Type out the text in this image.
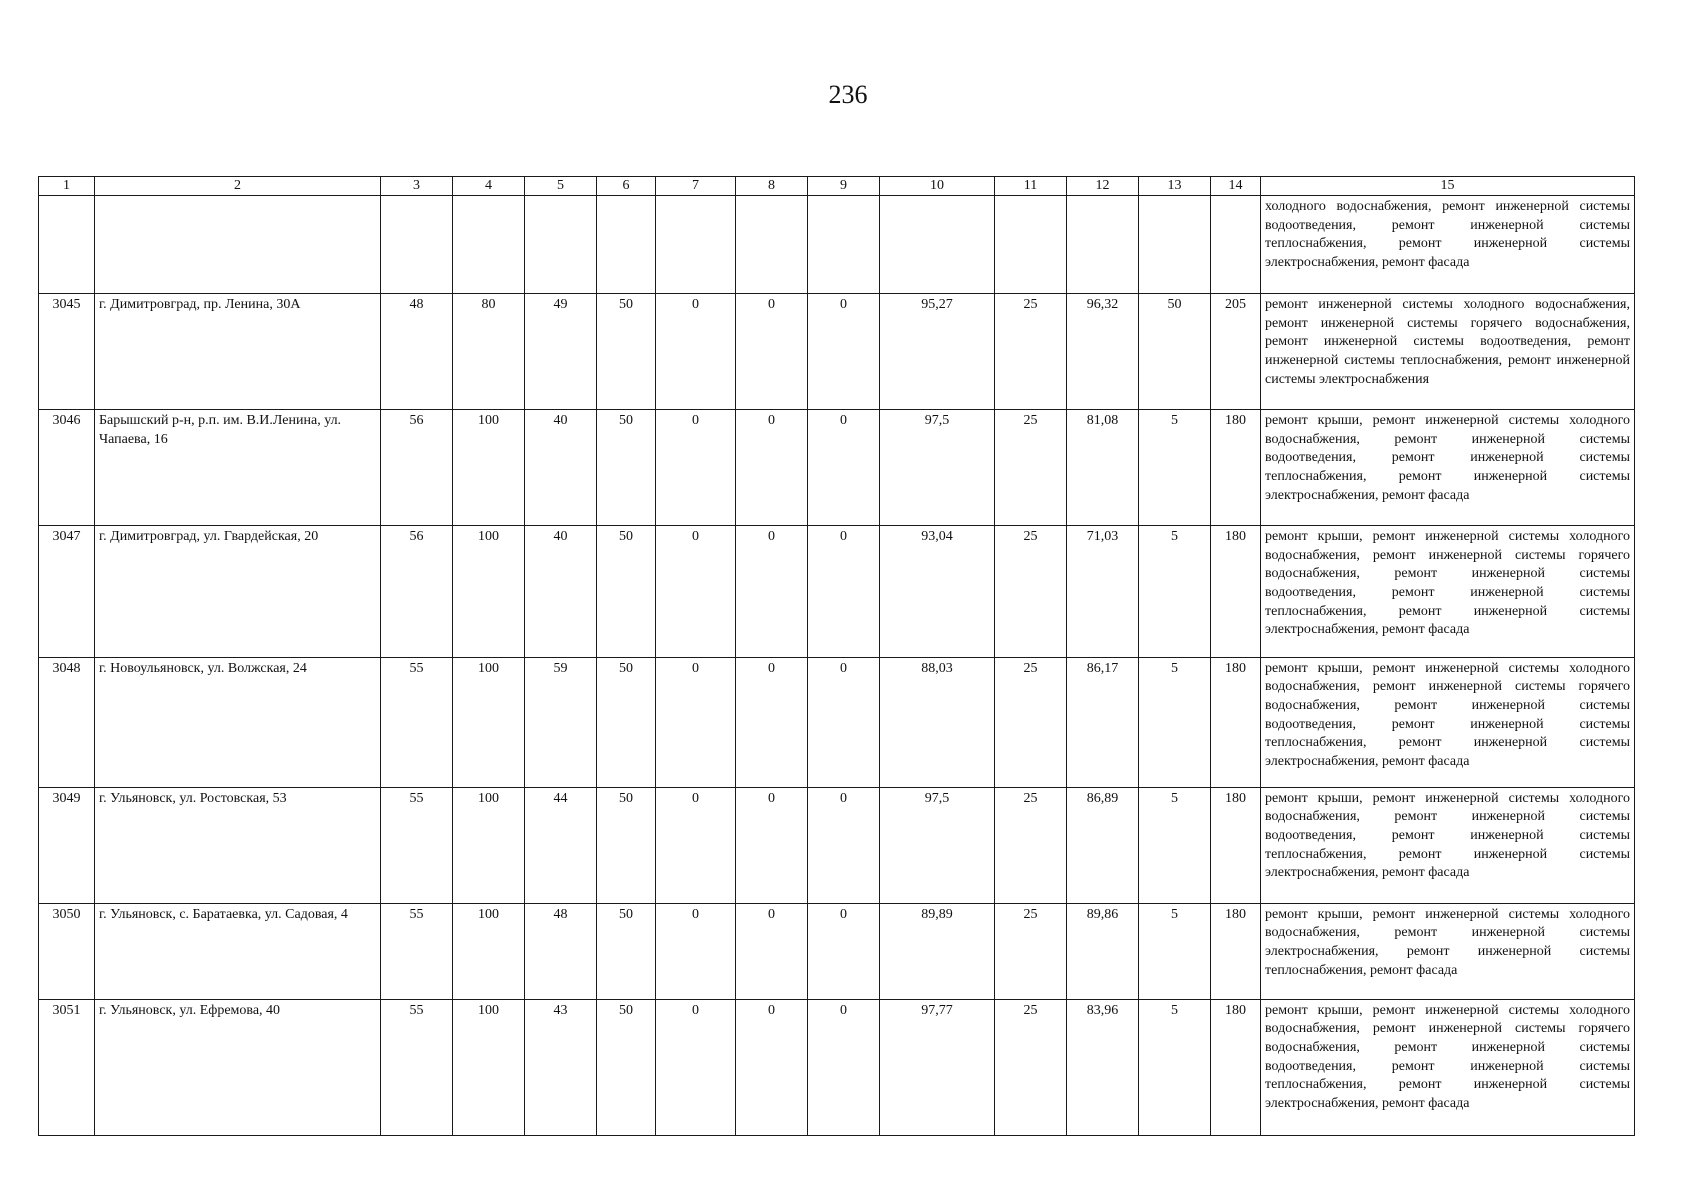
236
1	2	3	4	5	6	7	8	9	10	11	12	13	14	15
														холодного водоснабжения, ремонт инженерной системы водоотведения, ремонт инженерной системы теплоснабжения, ремонт инженерной системы электроснабжения, ремонт фасада
3045	г. Димитровград, пр. Ленина, 30А	48	80	49	50	0	0	0	95,27	25	96,32	50	205	ремонт инженерной системы холодного водоснабжения, ремонт инженерной системы горячего водоснабжения, ремонт инженерной системы водоотведения, ремонт инженерной системы теплоснабжения, ремонт инженерной системы электроснабжения
3046	Барышский р-н, р.п. им. В.И.Ленина, ул. Чапаева, 16	56	100	40	50	0	0	0	97,5	25	81,08	5	180	ремонт крыши, ремонт инженерной системы холодного водоснабжения, ремонт инженерной системы водоотведения, ремонт инженерной системы теплоснабжения, ремонт инженерной системы электроснабжения, ремонт фасада
3047	г. Димитровград, ул. Гвардейская, 20	56	100	40	50	0	0	0	93,04	25	71,03	5	180	ремонт крыши, ремонт инженерной системы холодного водоснабжения, ремонт инженерной системы горячего водоснабжения, ремонт инженерной системы водоотведения, ремонт инженерной системы теплоснабжения, ремонт инженерной системы электроснабжения, ремонт фасада
3048	г. Новоульяновск, ул. Волжская, 24	55	100	59	50	0	0	0	88,03	25	86,17	5	180	ремонт крыши, ремонт инженерной системы холодного водоснабжения, ремонт инженерной системы горячего водоснабжения, ремонт инженерной системы водоотведения, ремонт инженерной системы теплоснабжения, ремонт инженерной системы электроснабжения, ремонт фасада
3049	г. Ульяновск, ул. Ростовская, 53	55	100	44	50	0	0	0	97,5	25	86,89	5	180	ремонт крыши, ремонт инженерной системы холодного водоснабжения, ремонт инженерной системы водоотведения, ремонт инженерной системы теплоснабжения, ремонт инженерной системы электроснабжения, ремонт фасада
3050	г. Ульяновск, с. Баратаевка, ул. Садовая, 4	55	100	48	50	0	0	0	89,89	25	89,86	5	180	ремонт крыши, ремонт инженерной системы холодного водоснабжения, ремонт инженерной системы электроснабжения, ремонт инженерной системы теплоснабжения, ремонт фасада
3051	г. Ульяновск, ул. Ефремова, 40	55	100	43	50	0	0	0	97,77	25	83,96	5	180	ремонт крыши, ремонт инженерной системы холодного водоснабжения, ремонт инженерной системы горячего водоснабжения, ремонт инженерной системы водоотведения, ремонт инженерной системы теплоснабжения, ремонт инженерной системы электроснабжения, ремонт фасада
